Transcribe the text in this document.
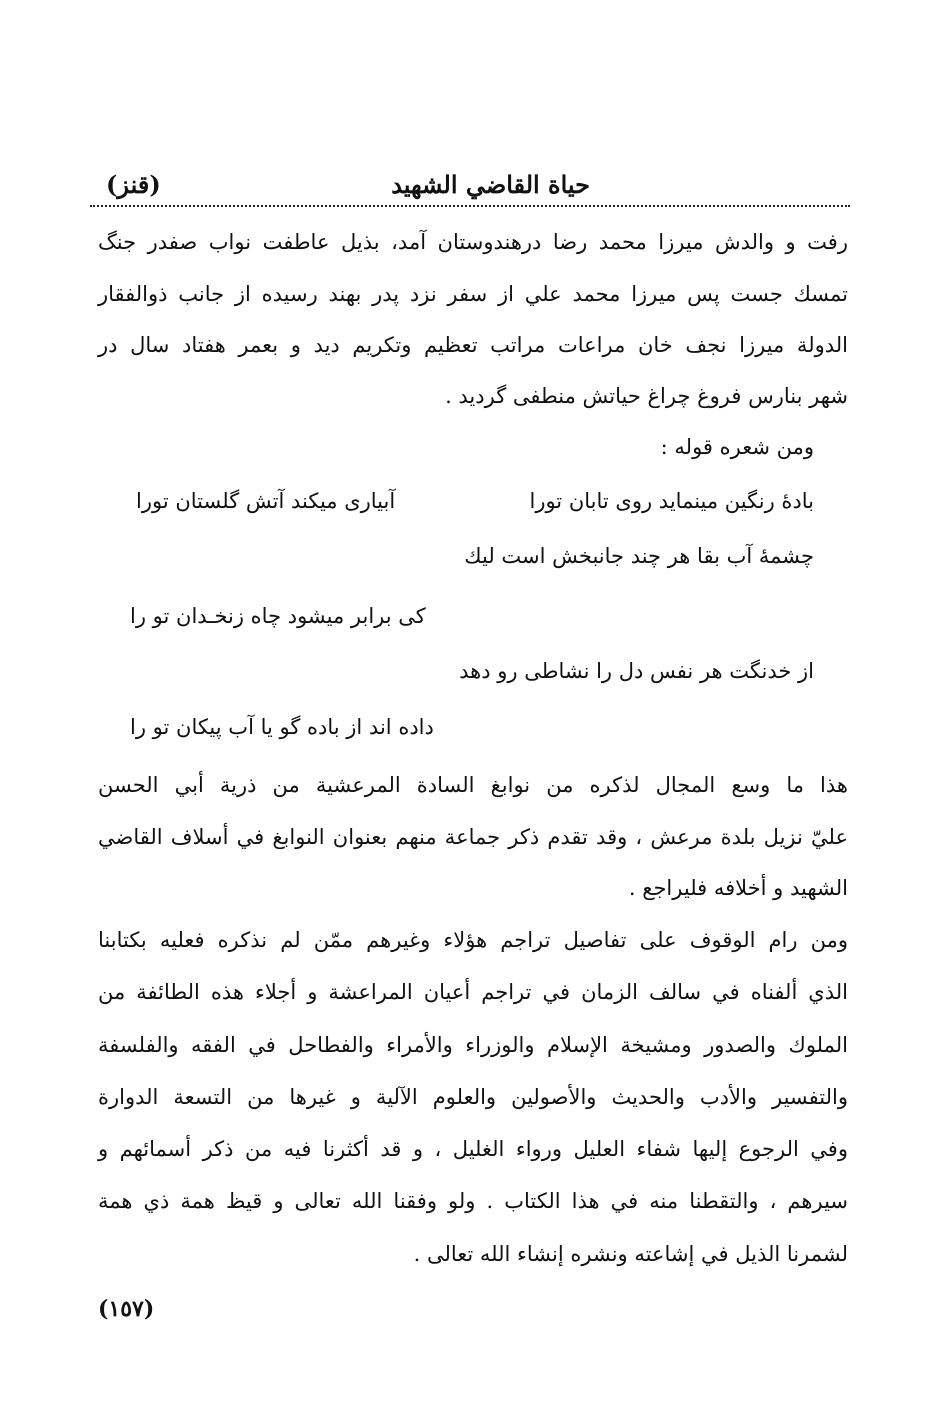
حياة القاضي الشهيد
(قنز)
رفت و والدش میرزا محمد رضا درهندوستان آمد، بذیل عاطفت نواب صفدر جنگ
تمسك جست پس میرزا محمد علي از سفر نزد پدر بهند رسیده از جانب ذوالفقار
الدولة میرزا نجف خان مراعات مراتب تعظیم وتکریم دید و بعمر هفتاد سال در
شهر بنارس فروغ چراغ حیاتش منطفی گردید .
ومن شعره قوله :
بادهٔ رنگین مینماید روی تابان تورا
آبیاری میکند آتش گلستان تورا
چشمهٔ آب بقا هر چند جانبخش است لیك
کی برابر میشود چاه زنخـدان تو را
از خدنگت هر نفس دل را نشاطی رو دهد
داده اند از باده گو یا آب پیکان تو را
هذا ما وسع المجال لذكره من نوابغ السادة المرعشية من ذرية أبي الحسن
عليّ نزيل بلدة مرعش ، وقد تقدم ذكر جماعة منهم بعنوان النوابغ في أسلاف القاضي
الشهيد و أخلافه فليراجع .
ومن رام الوقوف على تفاصيل تراجم هؤلاء وغيرهم ممّن لم نذكره فعليه بكتابنا
الذي ألفناه في سالف الزمان في تراجم أعيان المراعشة و أجلاء هذه الطائفة من
الملوك والصدور ومشيخة الإسلام والوزراء والأمراء والفطاحل في الفقه والفلسفة
والتفسير والأدب والحديث والأصولين والعلوم الآلية و غيرها من التسعة الدوارة
وفي الرجوع إليها شفاء العليل ورواء الغليل ، و قد أكثرنا فيه من ذكر أسمائهم و
سيرهم ، والتقطنا منه في هذا الكتاب . ولو وفقنا الله تعالى و قيظ همة ذي همة
لشمرنا الذيل في إشاعته ونشره إنشاء الله تعالى .
(١٥٧)
